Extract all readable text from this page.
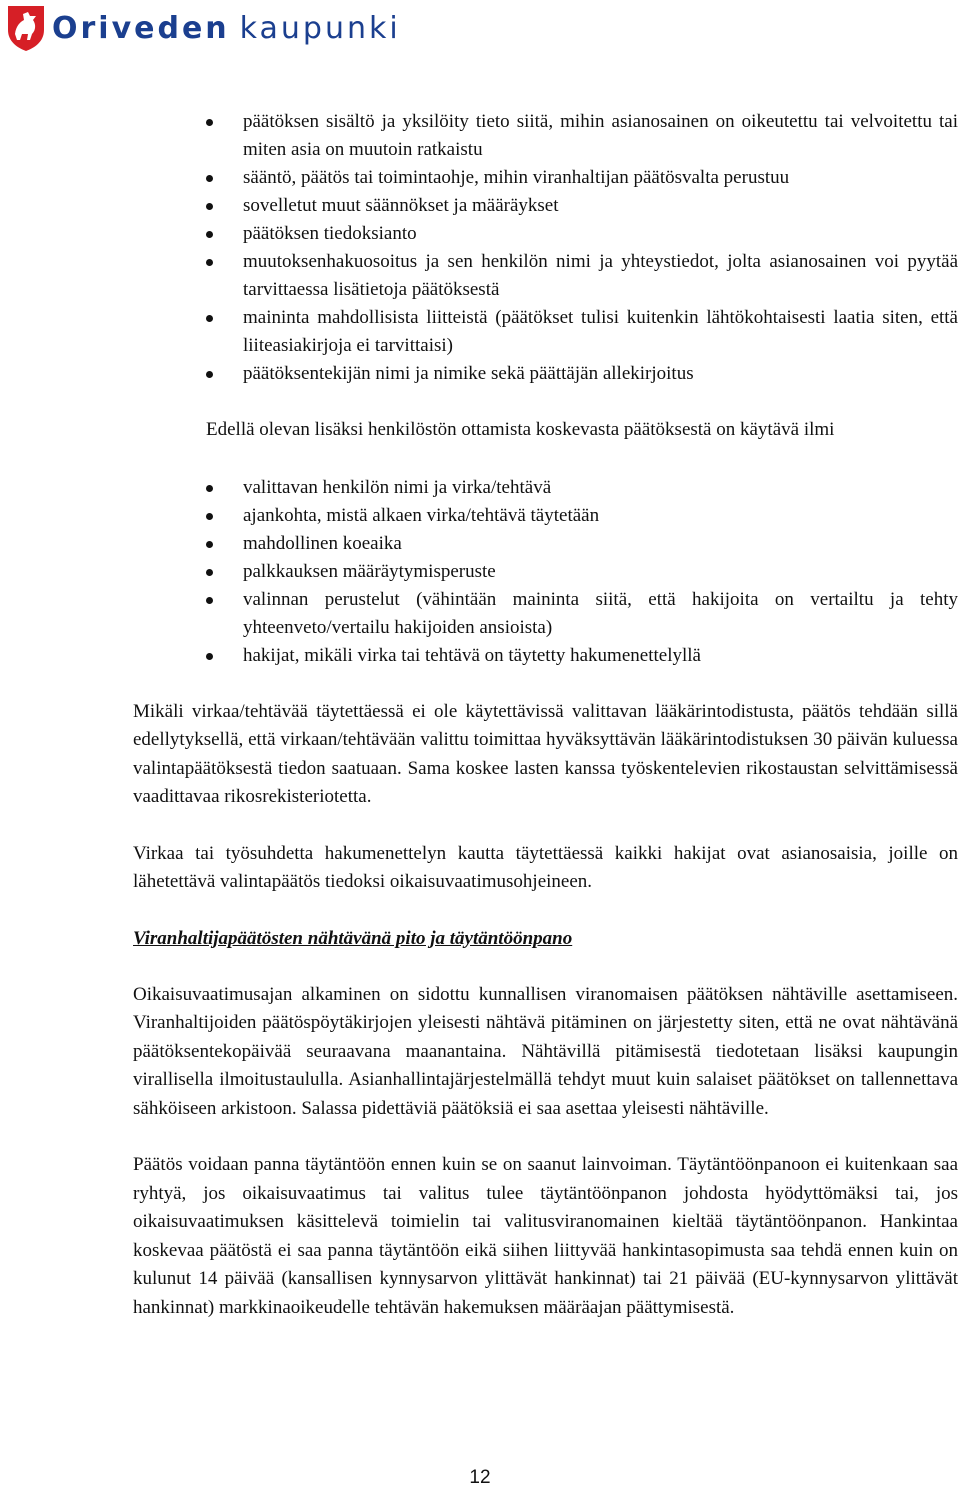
Oriveden kaupunki
päätöksen sisältö ja yksilöity tieto siitä, mihin asianosainen on oikeutettu tai velvoitettu tai miten asia on muutoin ratkaistu
sääntö, päätös tai toimintaohje, mihin viranhaltijan päätösvalta perustuu
sovelletut muut säännökset ja määräykset
päätöksen tiedoksianto
muutoksenhakuosoitus ja sen henkilön nimi ja yhteystiedot, jolta asianosainen voi pyytää tarvittaessa lisätietoja päätöksestä
maininta mahdollisista liitteistä (päätökset tulisi kuitenkin lähtökohtaisesti laatia siten, että liiteasiakirjoja ei tarvittaisi)
päätöksentekijän nimi ja nimike sekä päättäjän allekirjoitus

Edellä olevan lisäksi henkilöstön ottamista koskevasta päätöksestä on käytävä ilmi

valittavan henkilön nimi ja virka/tehtävä
ajankohta, mistä alkaen virka/tehtävä täytetään
mahdollinen koeaika
palkkauksen määräytymisperuste
valinnan perustelut (vähintään maininta siitä, että hakijoita on vertailtu ja tehty yhteenveto/vertailu hakijoiden ansioista)
hakijat, mikäli virka tai tehtävä on täytetty hakumenettelyllä

Mikäli virkaa/tehtävää täytettäessä ei ole käytettävissä valittavan lääkärintodistusta, päätös tehdään sillä edellytyksellä, että virkaan/tehtävään valittu toimittaa hyväksyttävän lääkärintodistuksen 30 päivän kuluessa valintapäätöksestä tiedon saatuaan. Sama koskee lasten kanssa työskentelevien rikostaustan selvittämisessä vaadittavaa rikosrekisteriotetta.

Virkaa tai työsuhdetta hakumenettelyn kautta täytettäessä kaikki hakijat ovat asianosaisia, joille on lähetettävä valintapäätös tiedoksi oikaisuvaatimusohjeineen.

Viranhaltijapäätösten nähtävänä pito ja täytäntöönpano

Oikaisuvaatimusajan alkaminen on sidottu kunnallisen viranomaisen päätöksen nähtäville asettamiseen. Viranhaltijoiden päätöspöytäkirjojen yleisesti nähtävä pitäminen on järjestetty siten, että ne ovat nähtävänä päätöksentekopäivää seuraavana maanantaina. Nähtävillä pitämisestä tiedotetaan lisäksi kaupungin virallisella ilmoitustaululla. Asianhallintajärjestelmällä tehdyt muut kuin salaiset päätökset on tallennettava sähköiseen arkistoon. Salassa pidettäviä päätöksiä ei saa asettaa yleisesti nähtäville.

Päätös voidaan panna täytäntöön ennen kuin se on saanut lainvoiman. Täytäntöönpanoon ei kuitenkaan saa ryhtyä, jos oikaisuvaatimus tai valitus tulee täytäntöönpanon johdosta hyödyttömäksi tai, jos oikaisuvaatimuksen käsittelevä toimielin tai valitusviranomainen kieltää täytäntöönpanon. Hankintaa koskevaa päätöstä ei saa panna täytäntöön eikä siihen liittyvää hankintasopimusta saa tehdä ennen kuin on kulunut 14 päivää (kansallisen kynnysarvon ylittävät hankinnat) tai 21 päivää (EU-kynnysarvon ylittävät hankinnat) markkinaoikeudelle tehtävän hakemuksen määräajan päättymisestä.

12
